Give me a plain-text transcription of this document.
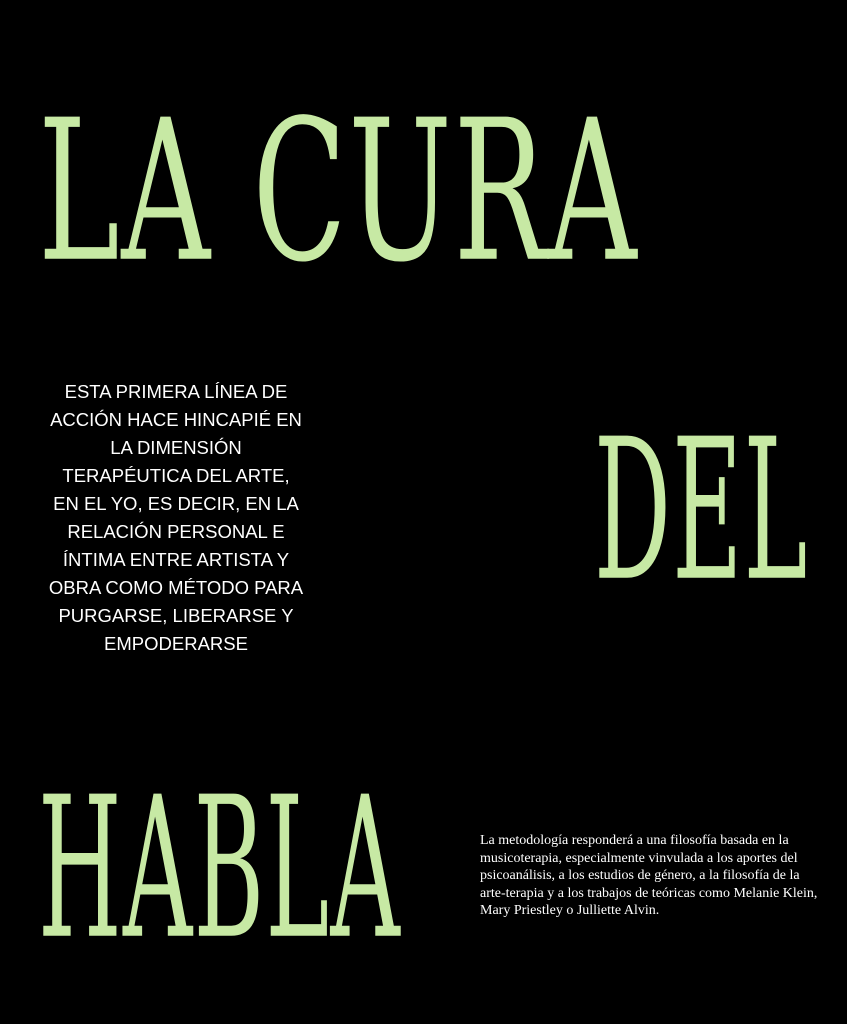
LA CURA
DEL
HABLA

ESTA PRIMERA LÍNEA DE ACCIÓN HACE HINCAPIÉ EN LA DIMENSIÓN TERAPÉUTICA DEL ARTE, EN EL YO, ES DECIR, EN LA RELACIÓN PERSONAL E ÍNTIMA ENTRE ARTISTA Y OBRA COMO MÉTODO PARA PURGARSE, LIBERARSE Y EMPODERARSE

La metodología responderá a una filosofía basada en la musicoterapia, especialmente vinvulada a los aportes del psicoanálisis, a los estudios de género, a la filosofía de la arte-terapia y a los trabajos de teóricas como Melanie Klein, Mary Priestley o Julliette Alvin.
